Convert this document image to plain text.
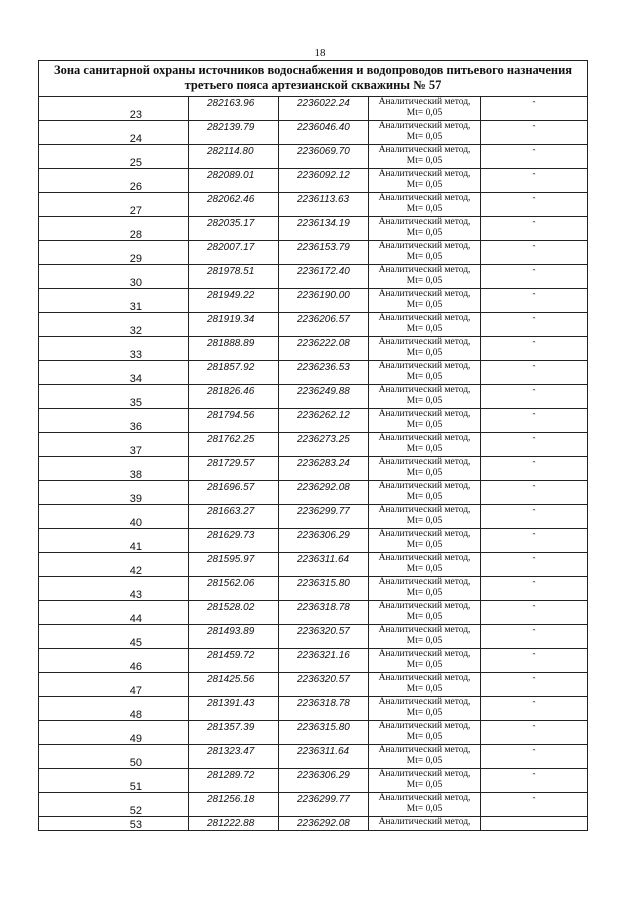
18
Зона санитарной охраны источников водоснабжения и водопроводов питьевого назначения
третьего пояса артезианской скважины № 57				

23	282163.96	2236022.24	Аналитический метод,
Mt= 0,05	-

24	282139.79	2236046.40	Аналитический метод,
Mt= 0,05	-

25	282114.80	2236069.70	Аналитический метод,
Mt= 0,05	-

26	282089.01	2236092.12	Аналитический метод,
Mt= 0,05	-

27	282062.46	2236113.63	Аналитический метод,
Mt= 0,05	-

28	282035.17	2236134.19	Аналитический метод,
Mt= 0,05	-

29	282007.17	2236153.79	Аналитический метод,
Mt= 0,05	-

30	281978.51	2236172.40	Аналитический метод,
Mt= 0,05	-

31	281949.22	2236190.00	Аналитический метод,
Mt= 0,05	-

32	281919.34	2236206.57	Аналитический метод,
Mt= 0,05	-

33	281888.89	2236222.08	Аналитический метод,
Mt= 0,05	-

34	281857.92	2236236.53	Аналитический метод,
Mt= 0,05	-

35	281826.46	2236249.88	Аналитический метод,
Mt= 0,05	-

36	281794.56	2236262.12	Аналитический метод,
Mt= 0,05	-

37	281762.25	2236273.25	Аналитический метод,
Mt= 0,05	-

38	281729.57	2236283.24	Аналитический метод,
Mt= 0,05	-

39	281696.57	2236292.08	Аналитический метод,
Mt= 0,05	-

40	281663.27	2236299.77	Аналитический метод,
Mt= 0,05	-

41	281629.73	2236306.29	Аналитический метод,
Mt= 0,05	-

42	281595.97	2236311.64	Аналитический метод,
Mt= 0,05	-

43	281562.06	2236315.80	Аналитический метод,
Mt= 0,05	-

44	281528.02	2236318.78	Аналитический метод,
Mt= 0,05	-

45	281493.89	2236320.57	Аналитический метод,
Mt= 0,05	-

46	281459.72	2236321.16	Аналитический метод,
Mt= 0,05	-

47	281425.56	2236320.57	Аналитический метод,
Mt= 0,05	-

48	281391.43	2236318.78	Аналитический метод,
Mt= 0,05	-

49	281357.39	2236315.80	Аналитический метод,
Mt= 0,05	-

50	281323.47	2236311.64	Аналитический метод,
Mt= 0,05	-

51	281289.72	2236306.29	Аналитический метод,
Mt= 0,05	-

52	281256.18	2236299.77	Аналитический метод,
Mt= 0,05	-

53	281222.88	2236292.08	Аналитический метод,	
